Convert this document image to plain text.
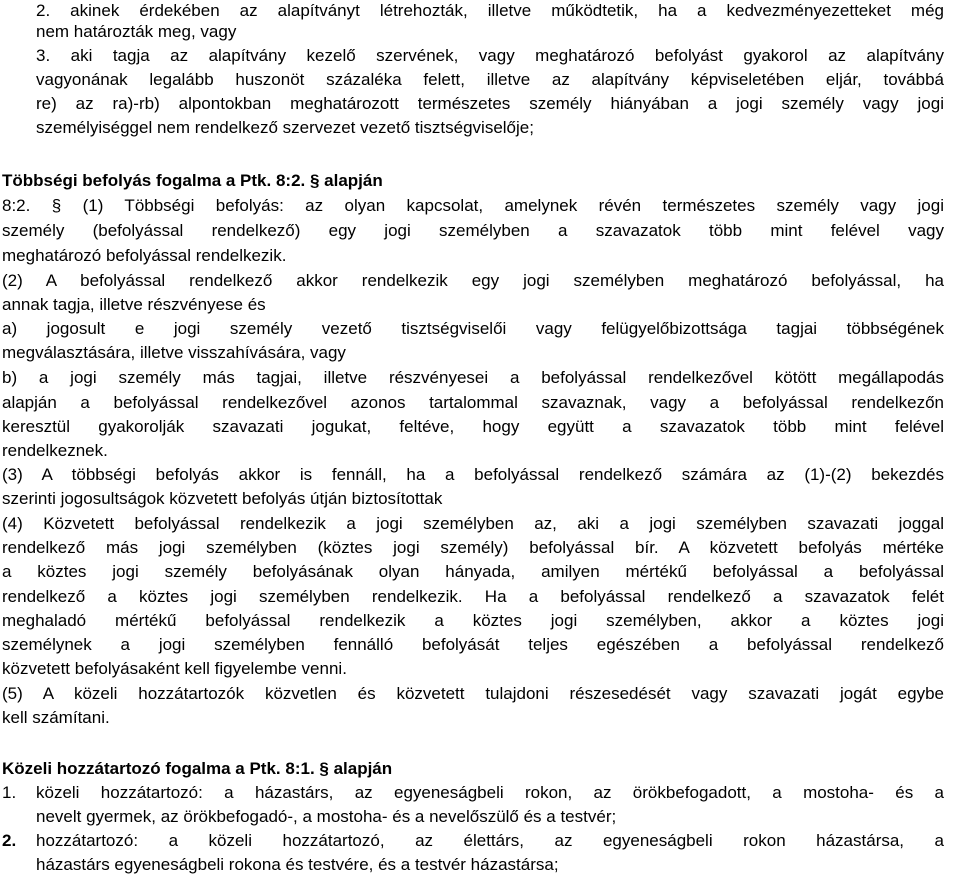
2. akinek érdekében az alapítványt létrehozták, illetve működtetik, ha a kedvezményezetteket még
nem határozták meg, vagy
3. aki tagja az alapítvány kezelő szervének, vagy meghatározó befolyást gyakorol az alapítvány
vagyonának legalább huszonöt százaléka felett, illetve az alapítvány képviseletében eljár, továbbá
re) az ra)-rb) alpontokban meghatározott természetes személy hiányában a jogi személy vagy jogi
személyiséggel nem rendelkező szervezet vezető tisztségviselője;
Többségi befolyás fogalma a Ptk. 8:2. § alapján
8:2. § (1) Többségi befolyás: az olyan kapcsolat, amelynek révén természetes személy vagy jogi
személy (befolyással rendelkező) egy jogi személyben a szavazatok több mint felével vagy
meghatározó befolyással rendelkezik.
(2) A befolyással rendelkező akkor rendelkezik egy jogi személyben meghatározó befolyással, ha
annak tagja, illetve részvényese és
a) jogosult e jogi személy vezető tisztségviselői vagy felügyelőbizottsága tagjai többségének
megválasztására, illetve visszahívására, vagy
b) a jogi személy más tagjai, illetve részvényesei a befolyással rendelkezővel kötött megállapodás
alapján a befolyással rendelkezővel azonos tartalommal szavaznak, vagy a befolyással rendelkezőn
keresztül gyakorolják szavazati jogukat, feltéve, hogy együtt a szavazatok több mint felével
rendelkeznek.
(3) A többségi befolyás akkor is fennáll, ha a befolyással rendelkező számára az (1)-(2) bekezdés
szerinti jogosultságok közvetett befolyás útján biztosítottak
(4) Közvetett befolyással rendelkezik a jogi személyben az, aki a jogi személyben szavazati joggal
rendelkező más jogi személyben (köztes jogi személy) befolyással bír. A közvetett befolyás mértéke
a köztes jogi személy befolyásának olyan hányada, amilyen mértékű befolyással a befolyással
rendelkező a köztes jogi személyben rendelkezik. Ha a befolyással rendelkező a szavazatok felét
meghaladó mértékű befolyással rendelkezik a köztes jogi személyben, akkor a köztes jogi
személynek a jogi személyben fennálló befolyását teljes egészében a befolyással rendelkező
közvetett befolyásaként kell figyelembe venni.
(5) A közeli hozzátartozók közvetlen és közvetett tulajdoni részesedését vagy szavazati jogát egybe
kell számítani.
Közeli hozzátartozó fogalma a Ptk. 8:1. § alapján
1.	közeli hozzátartozó: a házastárs, az egyeneságbeli rokon, az örökbefogadott, a mostoha- és a
nevelt gyermek, az örökbefogadó-, a mostoha- és a nevelőszülő és a testvér;
2.	hozzátartozó: a közeli hozzátartozó, az élettárs, az egyeneságbeli rokon házastársa, a
házastárs egyeneságbeli rokona és testvére, és a testvér házastársa;
